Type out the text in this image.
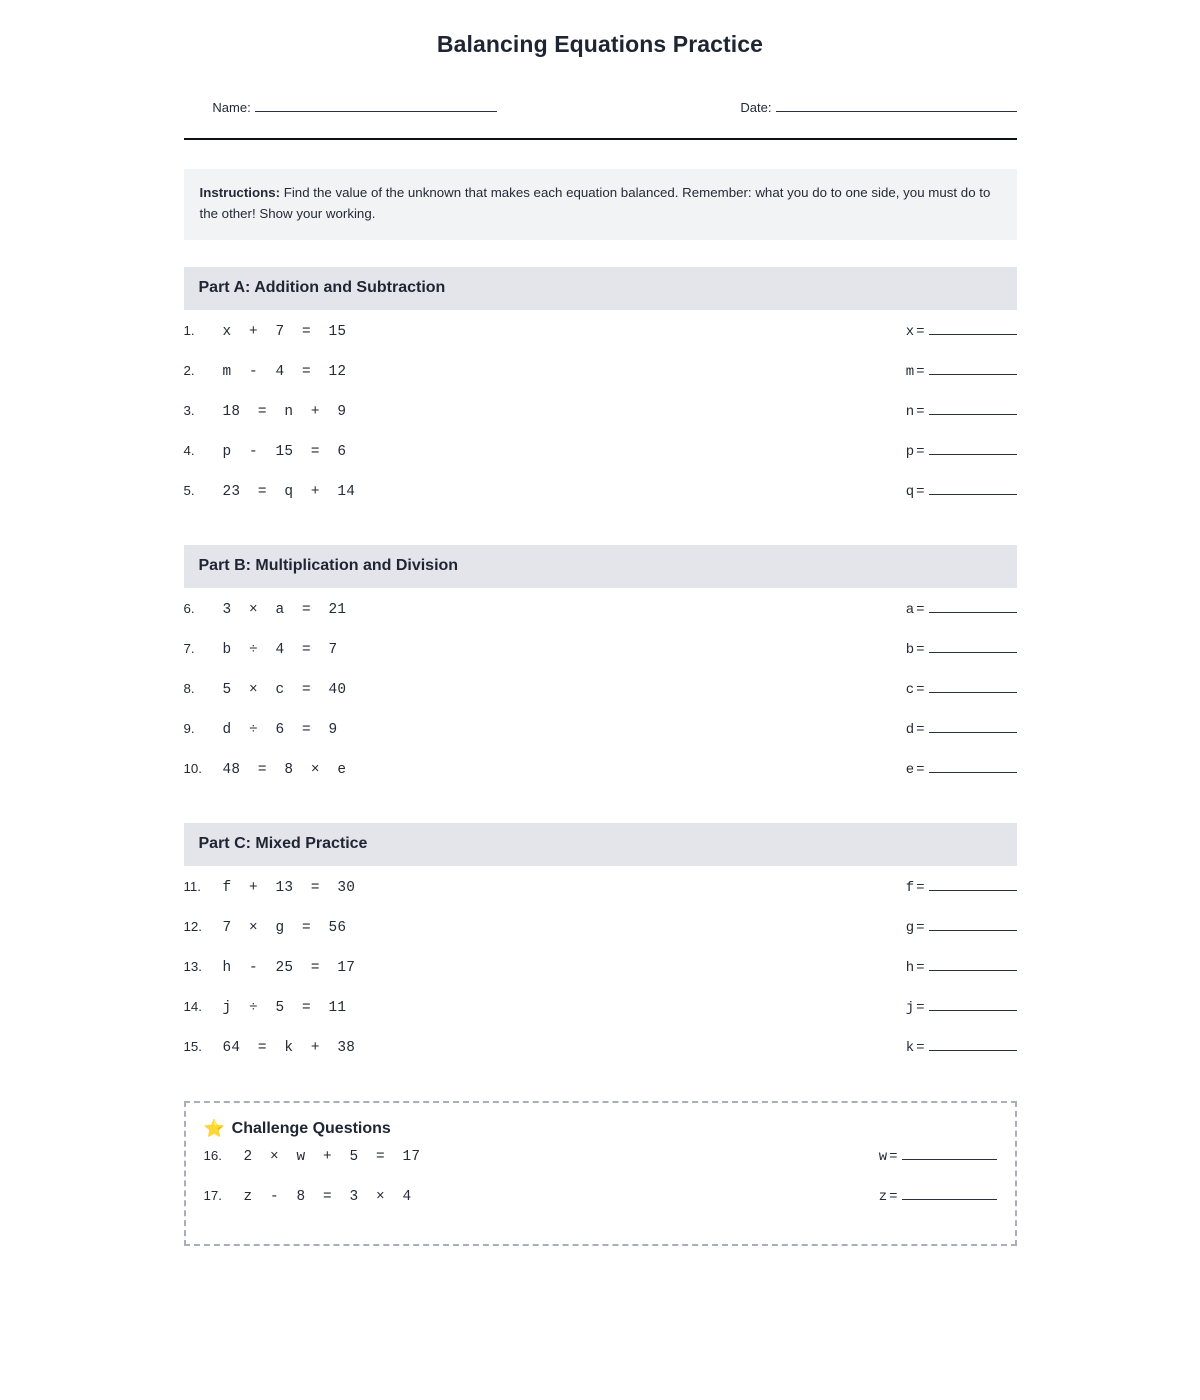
Balancing Equations Practice

Name:
	Date:

Instructions: Find the value of the unknown that makes each equation balanced. Remember: what you do to one side, you must do to the other! Show your working.
Part A: Addition and Subtraction
1.	x  +  7  =  15	x =
2.	m  -  4  =  12	m =
3.	18  =  n  +  9	n =
4.	p  -  15  =  6	p =
5.	23  =  q  +  14	q =
Part B: Multiplication and Division
6.	3  ×  a  =  21	a =
7.	b  ÷  4  =  7	b =
8.	5  ×  c  =  40	c =
9.	d  ÷  6  =  9	d =
10.	48  =  8  ×  e	e =
Part C: Mixed Practice
11.	f  +  13  =  30	f =
12.	7  ×  g  =  56	g =
13.	h  -  25  =  17	h =
14.	j  ÷  5  =  11	j =
15.	64  =  k  +  38	k =
⭐ Challenge Questions
16.	2  ×  w  +  5  =  17	w =
17.	z  -  8  =  3  ×  4	z =
